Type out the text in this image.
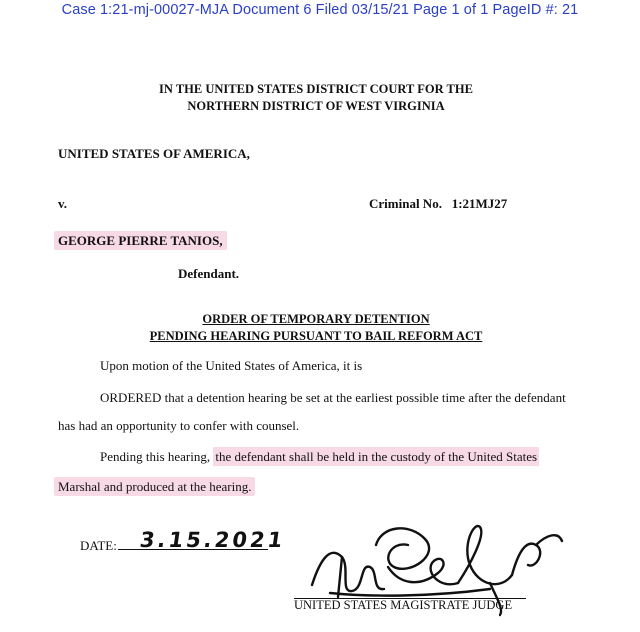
Case 1:21-mj-00027-MJA Document 6 Filed 03/15/21 Page 1 of 1 PageID #: 21
IN THE UNITED STATES DISTRICT COURT FOR THE
NORTHERN DISTRICT OF WEST VIRGINIA
UNITED STATES OF AMERICA,
v.	Criminal No. 1:21MJ27
GEORGE PIERRE TANIOS,
Defendant.
ORDER OF TEMPORARY DETENTION
PENDING HEARING PURSUANT TO BAIL REFORM ACT
Upon motion of the United States of America, it is
ORDERED that a detention hearing be set at the earliest possible time after the defendant
has had an opportunity to confer with counsel.
Pending this hearing, the defendant shall be held in the custody of the United States
Marshal and produced at the hearing.
DATE: 3.15.2021
UNITED STATES MAGISTRATE JUDGE
